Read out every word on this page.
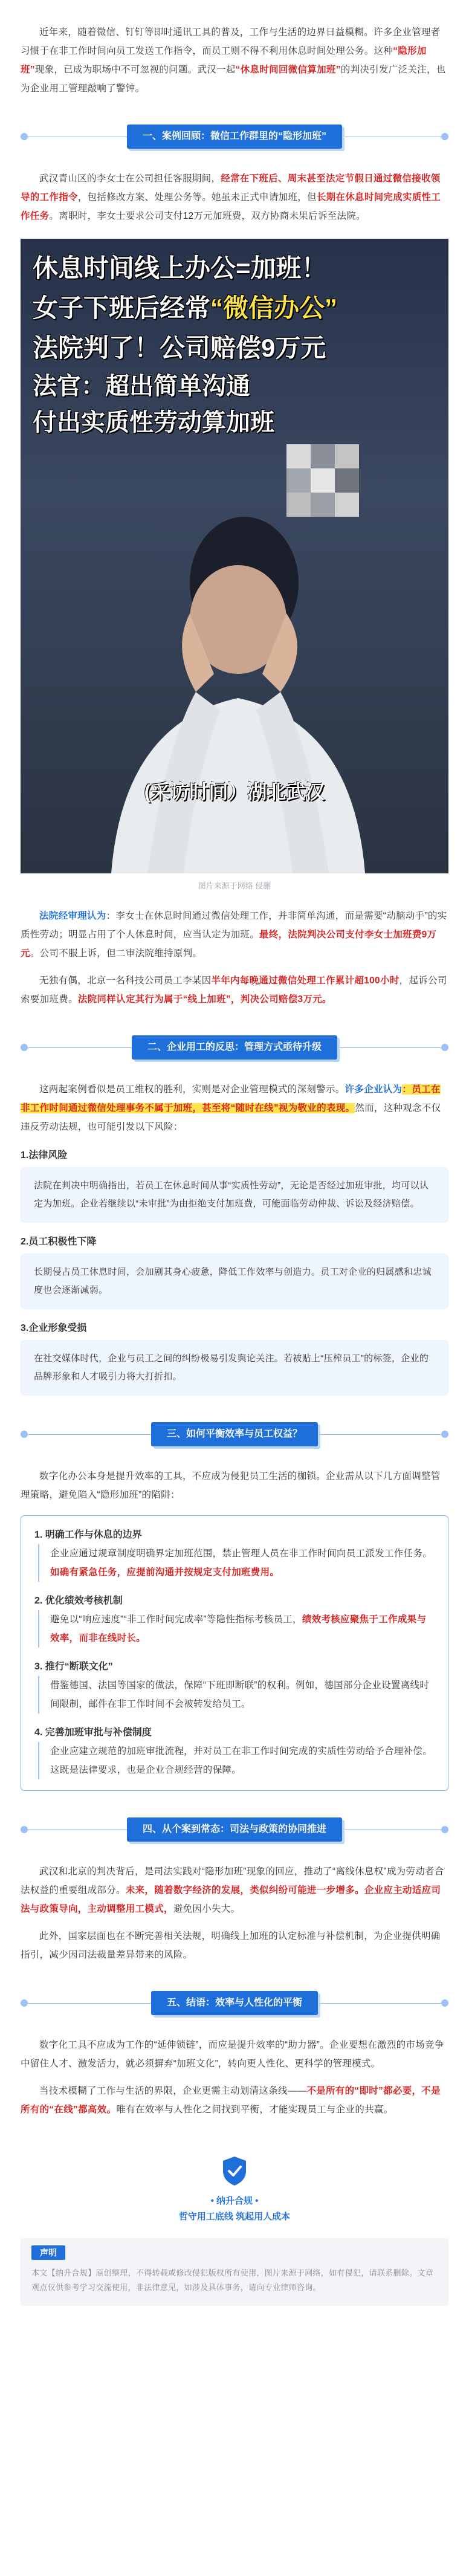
近年来，随着微信、钉钉等即时通讯工具的普及，工作与生活的边界日益模糊。许多企业管理者习惯于在非工作时间向员工发送工作指令，而员工则不得不利用休息时间处理公务。这种“隐形加班”现象，已成为职场中不可忽视的问题。武汉一起“休息时间回微信算加班”的判决引发广泛关注，也为企业用工管理敲响了警钟。

一、案例回顾：微信工作群里的“隐形加班”

武汉青山区的李女士在公司担任客服期间，经常在下班后、周末甚至法定节假日通过微信接收领导的工作指令，包括修改方案、处理公务等。她虽未正式申请加班，但长期在休息时间完成实质性工作任务。离职时，李女士要求公司支付12万元加班费，双方协商未果后诉至法院。

休息时间线上办公=加班！
女子下班后经常“微信办公”
法院判了！公司赔偿9万元
法官：超出简单沟通
付出实质性劳动算加班
(采访时间）湖北武汉
图片来源于网络 侵删

法院经审理认为：李女士在休息时间通过微信处理工作，并非简单沟通，而是需要“动脑动手”的实质性劳动；明显占用了个人休息时间，应当认定为加班。最终，法院判决公司支付李女士加班费9万元。公司不服上诉，但二审法院维持原判。

无独有偶，北京一名科技公司员工李某因半年内每晚通过微信处理工作累计超100小时，起诉公司索要加班费。法院同样认定其行为属于“线上加班”，判决公司赔偿3万元。

二、企业用工的反思：管理方式亟待升级

这两起案例看似是员工维权的胜利，实则是对企业管理模式的深刻警示。许多企业认为：员工在非工作时间通过微信处理事务不属于加班，甚至将“随时在线”视为敬业的表现。然而，这种观念不仅违反劳动法规，也可能引发以下风险：

1.法律风险

法院在判决中明确指出，若员工在休息时间从事“实质性劳动”，无论是否经过加班审批，均可以认定为加班。企业若继续以“未审批”为由拒绝支付加班费，可能面临劳动仲裁、诉讼及经济赔偿。

2.员工积极性下降

长期侵占员工休息时间，会加剧其身心疲惫，降低工作效率与创造力。员工对企业的归属感和忠诚度也会逐渐减弱。

3.企业形象受损

在社交媒体时代，企业与员工之间的纠纷极易引发舆论关注。若被贴上“压榨员工”的标签，企业的品牌形象和人才吸引力将大打折扣。

三、如何平衡效率与员工权益？

数字化办公本身是提升效率的工具，不应成为侵犯员工生活的枷锁。企业需从以下几方面调整管理策略，避免陷入“隐形加班”的陷阱：

1. 明确工作与休息的边界

企业应通过规章制度明确界定加班范围，禁止管理人员在非工作时间向员工派发工作任务。如确有紧急任务，应提前沟通并按规定支付加班费用。

2. 优化绩效考核机制

避免以“响应速度”“非工作时间完成率”等隐性指标考核员工，绩效考核应聚焦于工作成果与效率，而非在线时长。

3. 推行“断联文化”

借鉴德国、法国等国家的做法，保障“下班即断联”的权利。例如，德国部分企业设置离线时间限制，邮件在非工作时间不会被转发给员工。

4. 完善加班审批与补偿制度

企业应建立规范的加班审批流程，并对员工在非工作时间完成的实质性劳动给予合理补偿。这既是法律要求，也是企业合规经营的保障。

四、从个案到常态：司法与政策的协同推进

武汉和北京的判决背后，是司法实践对“隐形加班”现象的回应，推动了“离线休息权”成为劳动者合法权益的重要组成部分。未来，随着数字经济的发展，类似纠纷可能进一步增多。企业应主动适应司法与政策导向，主动调整用工模式，避免因小失大。

此外，国家层面也在不断完善相关法规，明确线上加班的认定标准与补偿机制，为企业提供明确指引，减少因司法裁量差异带来的风险。

五、结语：效率与人性化的平衡

数字化工具不应成为工作的“延伸锁链”，而应是提升效率的“助力器”。企业要想在激烈的市场竞争中留住人才、激发活力，就必须摒弃“加班文化”，转向更人性化、更科学的管理模式。

当技术模糊了工作与生活的界限，企业更需主动划清这条线——不是所有的“即时”都必要，不是所有的“在线”都高效。唯有在效率与人性化之间找到平衡，才能实现员工与企业的共赢。

• 纳升合规 •
哲守用工底线 筑起用人成本
声明

本文【纳升合规】原创整理，不得转载或修改侵犯版权所有使用，图片来源于网络，如有侵犯，请联系删除。文章观点仅供参考学习交流使用，非法律意见，如涉及具体事务，请向专业律师咨询。
